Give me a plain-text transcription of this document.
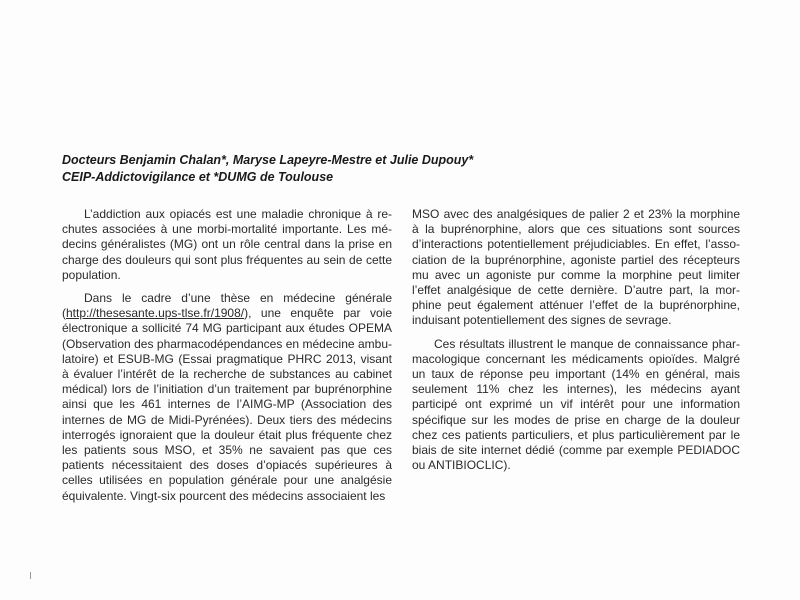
Docteurs Benjamin Chalan*, Maryse Lapeyre-Mestre et Julie Dupouy*
CEIP-Addictovigilance et *DUMG de Toulouse

L’addiction aux opiacés est une maladie chronique à rechutes associées à une morbi-mortalité importante. Les médecins généralistes (MG) ont un rôle central dans la prise en charge des douleurs qui sont plus fréquentes au sein de cette population.

Dans le cadre d’une thèse en médecine générale (http://thesesante.ups-tlse.fr/1908/), une enquête par voie électronique a sollicité 74 MG participant aux études OPEMA (Observation des pharmacodépendances en médecine ambulatoire) et ESUB-MG (Essai pragmatique PHRC 2013, visant à évaluer l’intérêt de la recherche de substances au cabinet médical) lors de l’initiation d’un traitement par buprénorphine ainsi que les 461 internes de l’AIMG-MP (Association des internes de MG de Midi-Pyrénées). Deux tiers des médecins interrogés ignoraient que la douleur était plus fréquente chez les patients sous MSO, et 35% ne savaient pas que ces patients nécessitaient des doses d’opiacés supérieures à celles utilisées en population générale pour une analgésie équivalente. Vingt-six pourcent des médecins associaient les

MSO avec des analgésiques de palier 2 et 23% la morphine à la buprénorphine, alors que ces situations sont sources d’interactions potentiellement préjudiciables. En effet, l’association de la buprénorphine, agoniste partiel des récepteurs mu avec un agoniste pur comme la morphine peut limiter l’effet analgésique de cette dernière. D’autre part, la morphine peut également atténuer l’effet de la buprénorphine, induisant potentiellement des signes de sevrage.

Ces résultats illustrent le manque de connaissance pharmacologique concernant les médicaments opioïdes. Malgré un taux de réponse peu important (14% en général, mais seulement 11% chez les internes), les médecins ayant participé ont exprimé un vif intérêt pour une information spécifique sur les modes de prise en charge de la douleur chez ces patients particuliers, et plus particulièrement par le biais de site internet dédié (comme par exemple PEDIADOC ou ANTIBIOCLIC).
